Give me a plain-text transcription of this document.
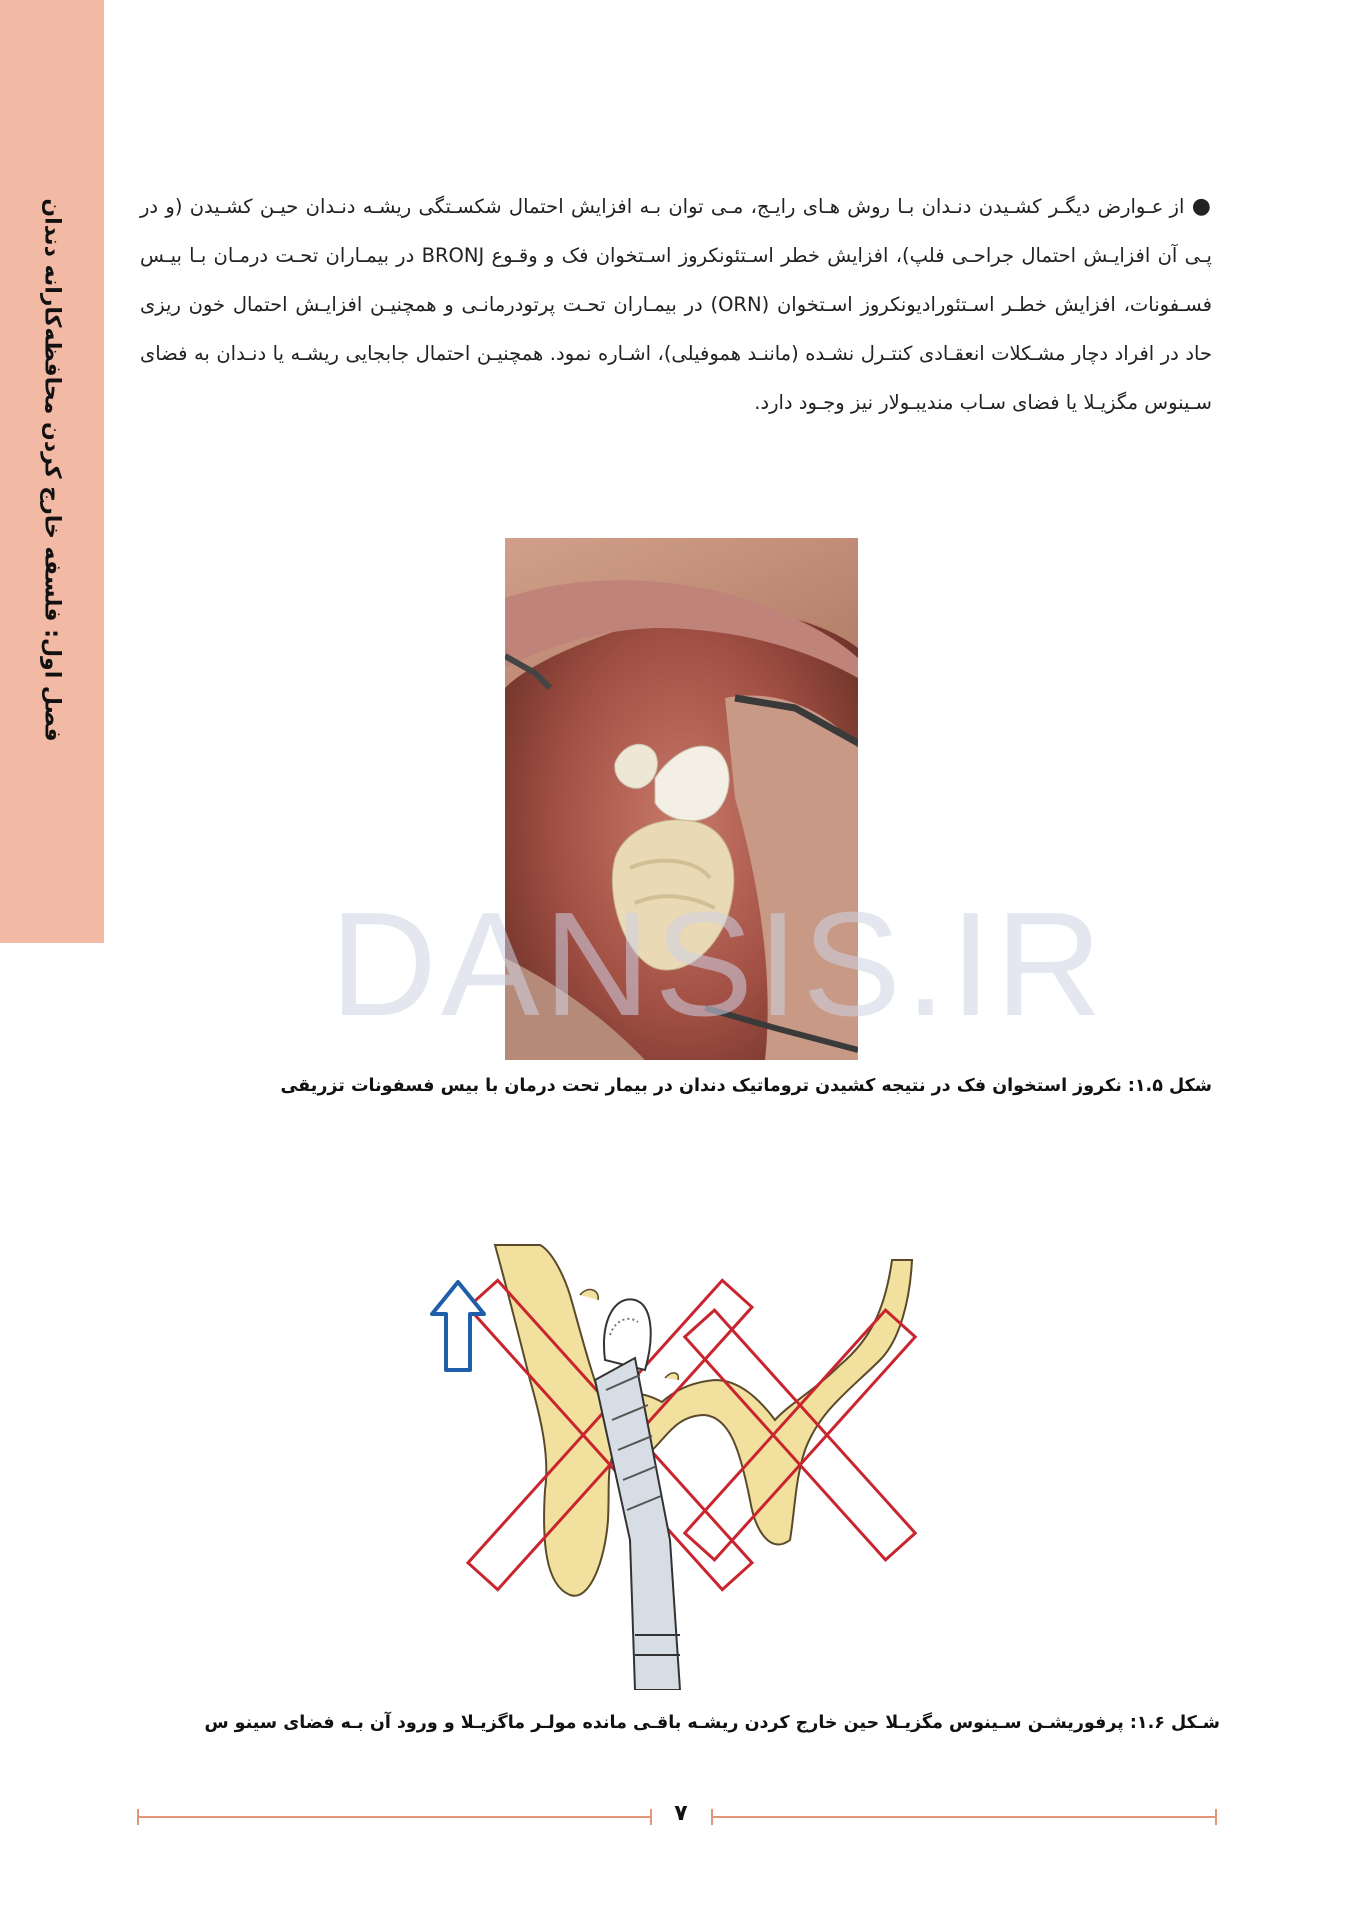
فصل اول: فلسفه خارج کردن محافظه‌کارانه دندان	● از عـوارض دیگـر کشـیدن دنـدان بـا روش هـای رایـج، مـی توان بـه افزایش احتمال شکسـتگی ریشـه دنـدان حیـن کشـیدن (و در پـی آن افزایـش احتمال جراحـی فلپ)، افزایش خطر اسـتئونکروز اسـتخوان فک و وقـوع BRONJ در بیمـاران تحـت درمـان بـا بیـس فسـفونات، افزایش خطـر اسـتئورادیونکروز اسـتخوان (ORN) در بیمـاران تحـت پرتودرمانـی و همچنیـن افزایـش احتمال خون ریزی حاد در افراد دچار مشـکلات انعقـادی کنتـرل نشـده (ماننـد هموفیلی)، اشـاره نمود. همچنیـن احتمال جابجایی ریشـه یا دنـدان به فضای سـینوس مگزیـلا یا فضای سـاب مندیبـولار نیز وجـود دارد.
DANSIS.IR
شکل ۱.۵: نکروز استخوان فک در نتیجه کشیدن تروماتیک دندان در بیمار تحت درمان با بیس فسفونات تزریقی
شـکل ۱.۶: پرفوریشـن سـینوس مگزیـلا حین خارج کردن ریشـه باقـی مانده مولـر ماگزیـلا و ورود آن بـه فضای سینو س
۷
